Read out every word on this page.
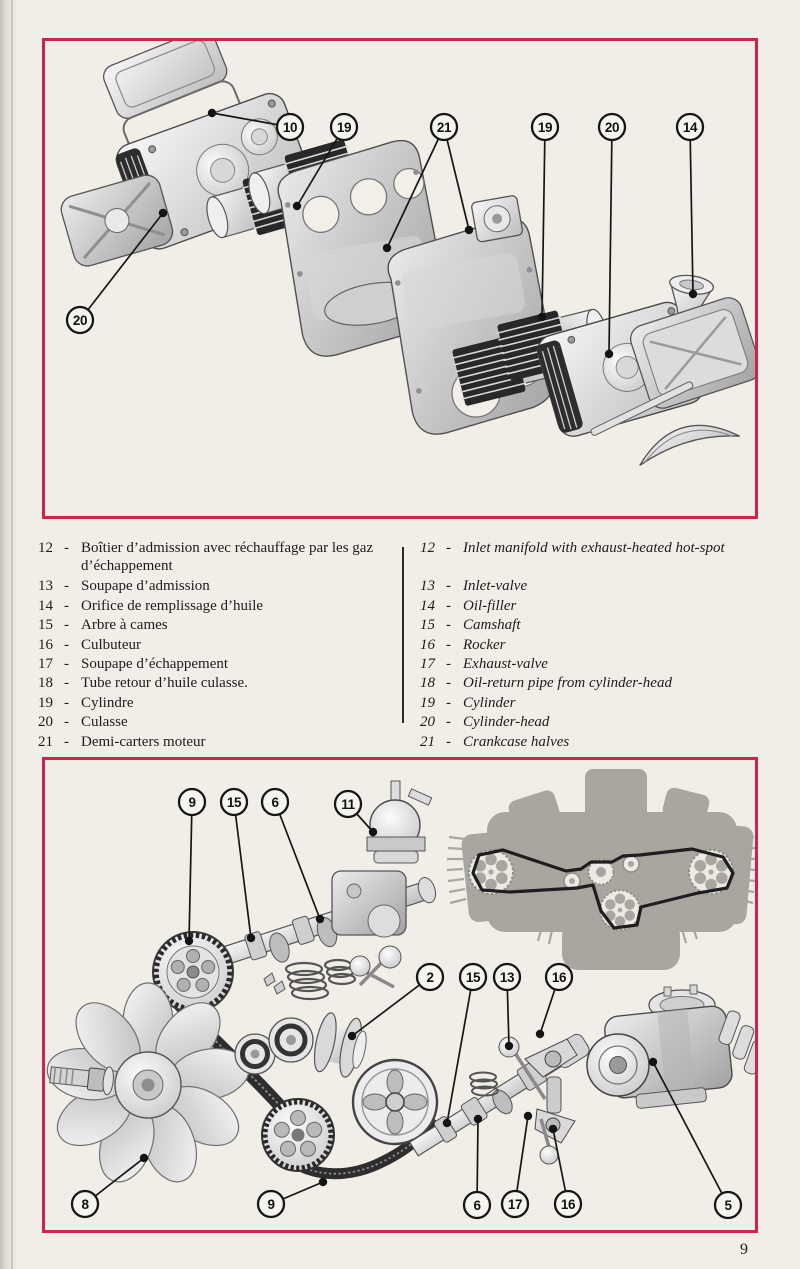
10	19	21	19	20	14
20
12 - Boîtier d’admission avec réchauffage par les gaz d’échappement
13 - Soupape d’admission
14 - Orifice de remplissage d’huile
15 - Arbre à cames
16 - Culbuteur
17 - Soupape d’échappement
18 - Tube retour d’huile culasse.
19 - Cylindre
20 - Culasse
21 - Demi-carters moteur
12 - Inlet manifold with exhaust-heated hot-spot
13 - Inlet-valve
14 - Oil-filler
15 - Camshaft
16 - Rocker
17 - Exhaust-valve
18 - Oil-return pipe from cylinder-head
19 - Cylinder
20 - Cylinder-head
21 - Crankcase halves
9 15 6	11
2 15 13	16
8	9	6 17	16	5
9
